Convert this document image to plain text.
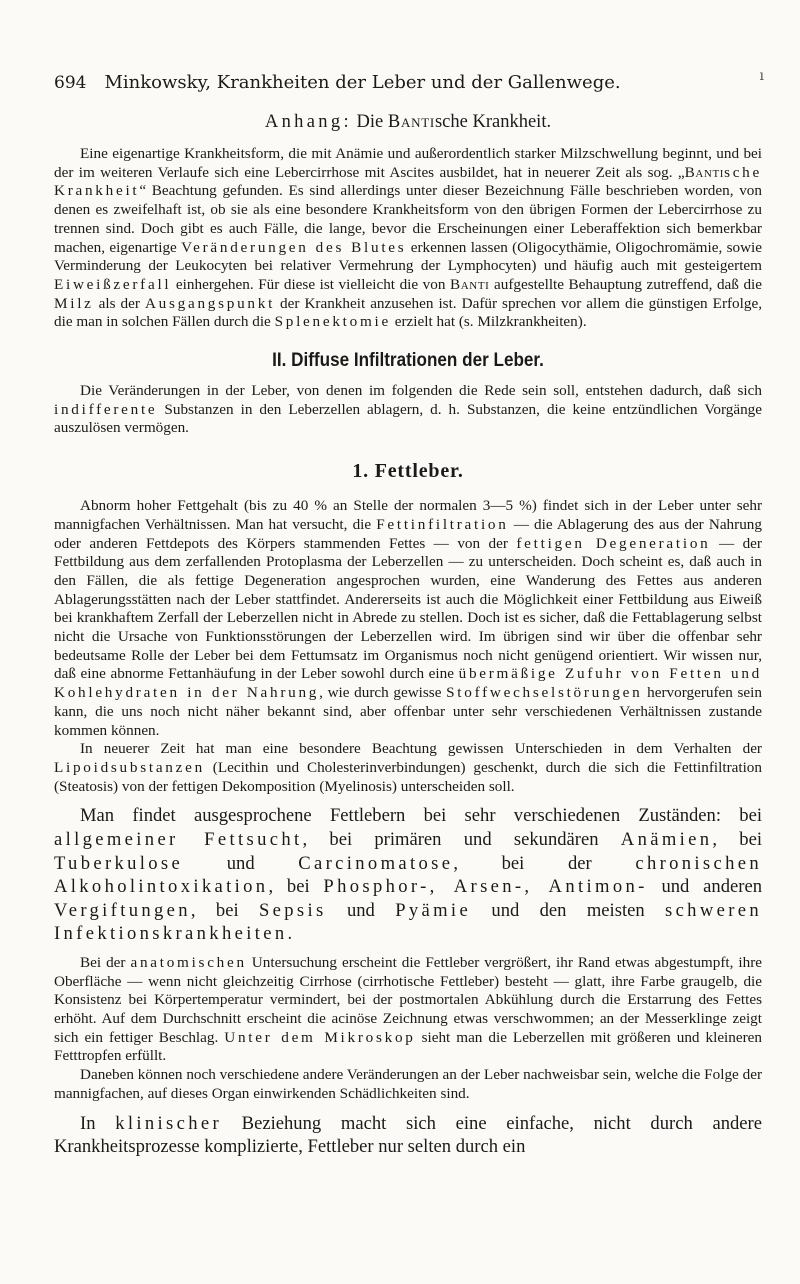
694 Minkowsky, Krankheiten der Leber und der Gallenwege.	ı
Anhang: Die Bantische Krankheit.

Eine eigenartige Krankheitsform, die mit Anämie und außerordentlich starker Milzschwellung beginnt, und bei der im weiteren Verlaufe sich eine Lebercirrhose mit Ascites ausbildet, hat in neuerer Zeit als sog. „Bantische Krankheit“ Beachtung gefunden. Es sind allerdings unter dieser Bezeichnung Fälle beschrieben worden, von denen es zweifelhaft ist, ob sie als eine besondere Krankheitsform von den übrigen Formen der Lebercirrhose zu trennen sind. Doch gibt es auch Fälle, die lange, bevor die Erscheinungen einer Leberaffektion sich bemerkbar machen, eigenartige Veränderungen des Blutes erkennen lassen (Oligocythämie, Oligochromämie, sowie Verminderung der Leukocyten bei relativer Vermehrung der Lymphocyten) und häufig auch mit gesteigertem Eiweißzerfall einhergehen. Für diese ist vielleicht die von Banti aufgestellte Behauptung zutreffend, daß die Milz als der Ausgangspunkt der Krankheit anzusehen ist. Dafür sprechen vor allem die günstigen Erfolge, die man in solchen Fällen durch die Splenektomie erzielt hat (s. Milzkrankheiten).

II. Diffuse Infiltrationen der Leber.

Die Veränderungen in der Leber, von denen im folgenden die Rede sein soll, entstehen dadurch, daß sich indifferente Substanzen in den Leberzellen ablagern, d. h. Substanzen, die keine entzündlichen Vorgänge auszulösen vermögen.

1. Fettleber.

Abnorm hoher Fettgehalt (bis zu 40 % an Stelle der normalen 3—5 %) findet sich in der Leber unter sehr mannigfachen Verhältnissen. Man hat versucht, die Fettinfiltration — die Ablagerung des aus der Nahrung oder anderen Fettdepots des Körpers stammenden Fettes — von der fettigen Degeneration — der Fettbildung aus dem zerfallenden Protoplasma der Leberzellen — zu unterscheiden. Doch scheint es, daß auch in den Fällen, die als fettige Degeneration angesprochen wurden, eine Wanderung des Fettes aus anderen Ablagerungsstätten nach der Leber stattfindet. Andererseits ist auch die Möglichkeit einer Fettbildung aus Eiweiß bei krankhaftem Zerfall der Leberzellen nicht in Abrede zu stellen. Doch ist es sicher, daß die Fettablagerung selbst nicht die Ursache von Funktionsstörungen der Leberzellen wird. Im übrigen sind wir über die offenbar sehr bedeutsame Rolle der Leber bei dem Fettumsatz im Organismus noch nicht genügend orientiert. Wir wissen nur, daß eine abnorme Fettanhäufung in der Leber sowohl durch eine übermäßige Zufuhr von Fetten und Kohlehydraten in der Nahrung, wie durch gewisse Stoffwechselstörungen hervorgerufen sein kann, die uns noch nicht näher bekannt sind, aber offenbar unter sehr verschiedenen Verhältnissen zustande kommen können.

In neuerer Zeit hat man eine besondere Beachtung gewissen Unterschieden in dem Verhalten der Lipoidsubstanzen (Lecithin und Cholesterinverbindungen) geschenkt, durch die sich die Fettinfiltration (Steatosis) von der fettigen Dekomposition (Myelinosis) unterscheiden soll.

Man findet ausgesprochene Fettlebern bei sehr verschiedenen Zuständen: bei allgemeiner Fettsucht, bei primären und sekundären Anämien, bei Tuberkulose und Carcinomatose, bei der chronischen Alkoholintoxikation, bei Phosphor-, Arsen-, Antimon- und anderen Vergiftungen, bei Sepsis und Pyämie und den meisten schweren Infektionskrankheiten.

Bei der anatomischen Untersuchung erscheint die Fettleber vergrößert, ihr Rand etwas abgestumpft, ihre Oberfläche — wenn nicht gleichzeitig Cirrhose (cirrhotische Fettleber) besteht — glatt, ihre Farbe graugelb, die Konsistenz bei Körpertemperatur vermindert, bei der postmortalen Abkühlung durch die Erstarrung des Fettes erhöht. Auf dem Durchschnitt erscheint die acinöse Zeichnung etwas verschwommen; an der Messerklinge zeigt sich ein fettiger Beschlag. Unter dem Mikroskop sieht man die Leberzellen mit größeren und kleineren Fetttropfen erfüllt.

Daneben können noch verschiedene andere Veränderungen an der Leber nachweisbar sein, welche die Folge der mannigfachen, auf dieses Organ einwirkenden Schädlichkeiten sind.

In klinischer Beziehung macht sich eine einfache, nicht durch andere Krankheitsprozesse komplizierte, Fettleber nur selten durch ein
